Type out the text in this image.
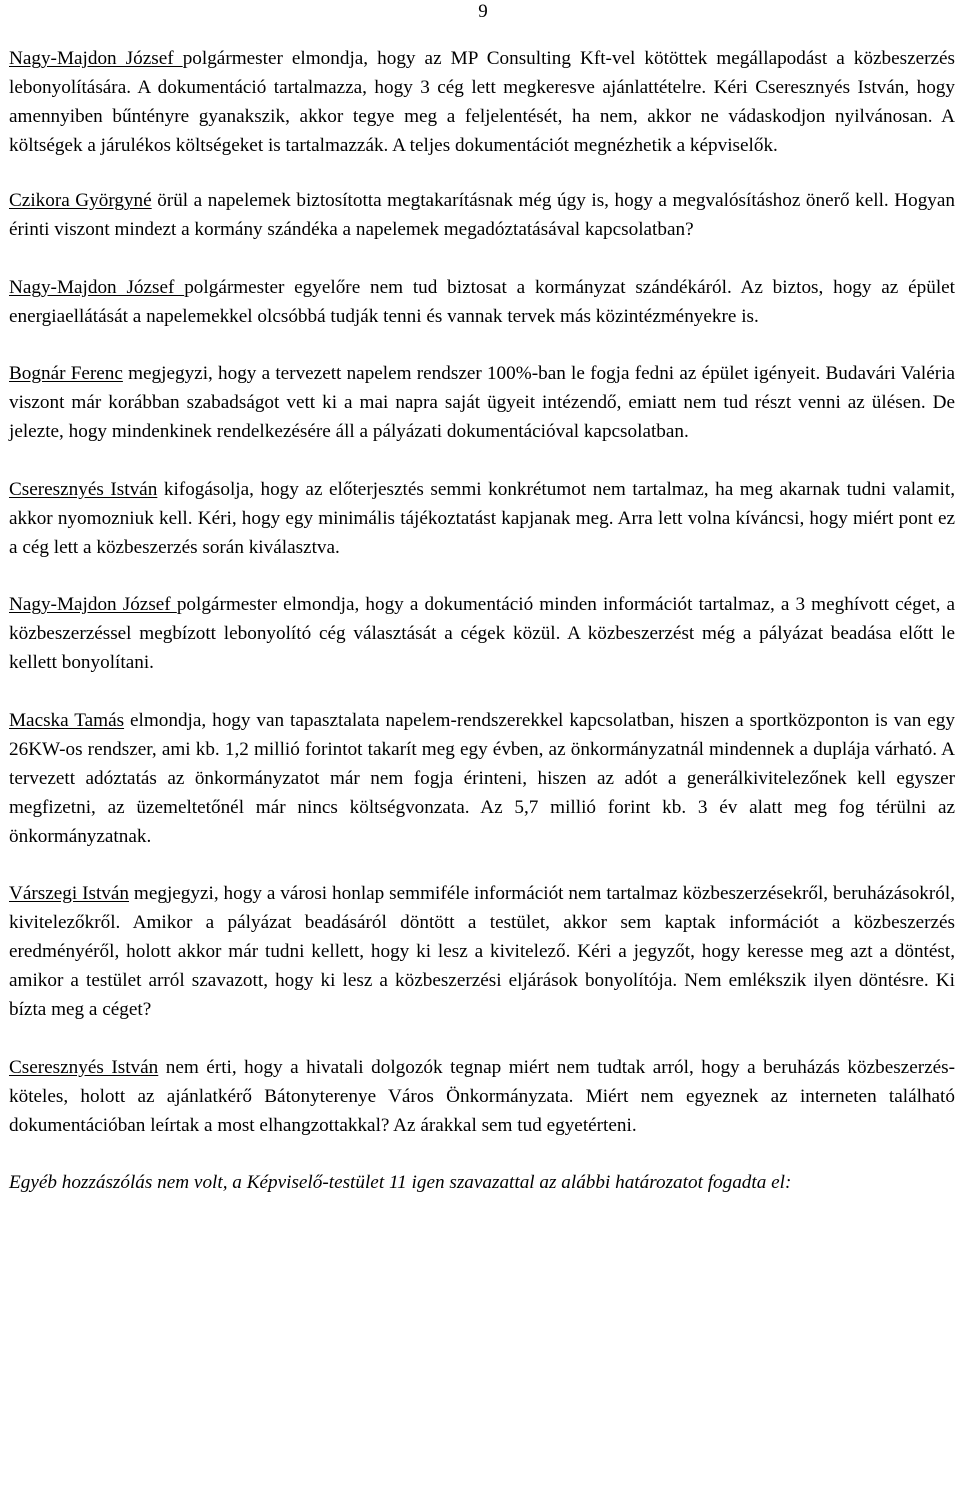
9

Nagy-Majdon József polgármester elmondja, hogy az MP Consulting Kft-vel kötöttek megállapodást a közbeszerzés lebonyolítására. A dokumentáció tartalmazza, hogy 3 cég lett megkeresve ajánlattételre. Kéri Cseresznyés István, hogy amennyiben bűntényre gyanakszik, akkor tegye meg a feljelentését, ha nem, akkor ne vádaskodjon nyilvánosan. A költségek a járulékos költségeket is tartalmazzák. A teljes dokumentációt megnézhetik a képviselők.

Czikora Györgyné örül a napelemek biztosította megtakarításnak még úgy is, hogy a megvalósításhoz önerő kell. Hogyan érinti viszont mindezt a kormány szándéka a napelemek megadóztatásával kapcsolatban?

Nagy-Majdon József polgármester egyelőre nem tud biztosat a kormányzat szándékáról. Az biztos, hogy az épület energiaellátását a napelemekkel olcsóbbá tudják tenni és vannak tervek más közintézményekre is.

Bognár Ferenc megjegyzi, hogy a tervezett napelem rendszer 100%-ban le fogja fedni az épület igényeit. Budavári Valéria viszont már korábban szabadságot vett ki a mai napra saját ügyeit intézendő, emiatt nem tud részt venni az ülésen. De jelezte, hogy mindenkinek rendelkezésére áll a pályázati dokumentációval kapcsolatban.

Cseresznyés István kifogásolja, hogy az előterjesztés semmi konkrétumot nem tartalmaz, ha meg akarnak tudni valamit, akkor nyomozniuk kell. Kéri, hogy egy minimális tájékoztatást kapjanak meg. Arra lett volna kíváncsi, hogy miért pont ez a cég lett a közbeszerzés során kiválasztva.

Nagy-Majdon József polgármester elmondja, hogy a dokumentáció minden információt tartalmaz, a 3 meghívott céget, a közbeszerzéssel megbízott lebonyolító cég választását a cégek közül. A közbeszerzést még a pályázat beadása előtt le kellett bonyolítani.

Macska Tamás elmondja, hogy van tapasztalata napelem-rendszerekkel kapcsolatban, hiszen a sportközponton is van egy 26KW-os rendszer, ami kb. 1,2 millió forintot takarít meg egy évben, az önkormányzatnál mindennek a duplája várható. A tervezett adóztatás az önkormányzatot már nem fogja érinteni, hiszen az adót a generálkivitelezőnek kell egyszer megfizetni, az üzemeltetőnél már nincs költségvonzata. Az 5,7 millió forint kb. 3 év alatt meg fog térülni az önkormányzatnak.

Várszegi István megjegyzi, hogy a városi honlap semmiféle információt nem tartalmaz közbeszerzésekről, beruházásokról, kivitelezőkről. Amikor a pályázat beadásáról döntött a testület, akkor sem kaptak információt a közbeszerzés eredményéről, holott akkor már tudni kellett, hogy ki lesz a kivitelező. Kéri a jegyzőt, hogy keresse meg azt a döntést, amikor a testület arról szavazott, hogy ki lesz a közbeszerzési eljárások bonyolítója. Nem emlékszik ilyen döntésre. Ki bízta meg a céget?

Cseresznyés István nem érti, hogy a hivatali dolgozók tegnap miért nem tudtak arról, hogy a beruházás közbeszerzés-köteles, holott az ajánlatkérő Bátonyterenye Város Önkormányzata. Miért nem egyeznek az interneten található dokumentációban leírtak a most elhangzottakkal? Az árakkal sem tud egyetérteni.

Egyéb hozzászólás nem volt, a Képviselő-testület 11 igen szavazattal az alábbi határozatot fogadta el:
